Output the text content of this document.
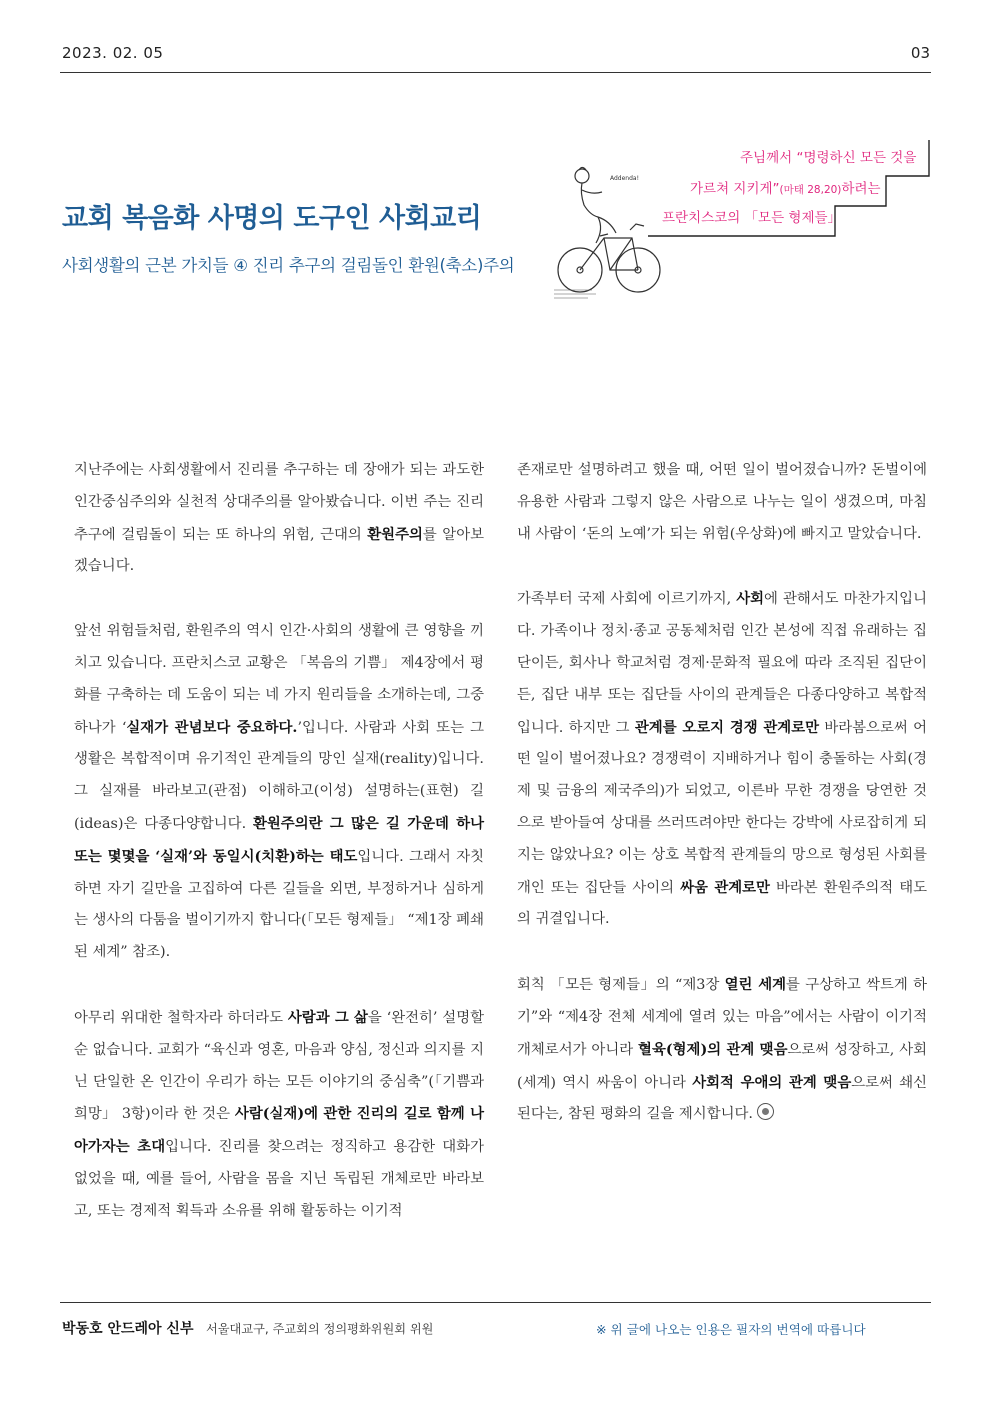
2023. 02. 05	03
교회 복음화 사명의 도구인 사회교리
사회생활의 근본 가치들 ④ 진리 추구의 걸림돌인 환원(축소)주의
Addenda!
주님께서 “명령하신 모든 것을
가르쳐 지키게”(마태 28,20)하려는
프란치스코의 「모든 형제들」

지난주에는 사회생활에서 진리를 추구하는 데 장애가 되는 과도한 인간중심주의와 실천적 상대주의를 알아봤습니다. 이번 주는 진리 추구에 걸림돌이 되는 또 하나의 위험, 근대의 환원주의를 알아보겠습니다.

앞선 위험들처럼, 환원주의 역시 인간·사회의 생활에 큰 영향을 끼치고 있습니다. 프란치스코 교황은 「복음의 기쁨」 제4장에서 평화를 구축하는 데 도움이 되는 네 가지 원리들을 소개하는데, 그중 하나가 ‘실재가 관념보다 중요하다.’입니다. 사람과 사회 또는 그 생활은 복합적이며 유기적인 관계들의 망인 실재(reality)입니다. 그 실재를 바라보고(관점) 이해하고(이성) 설명하는(표현) 길(ideas)은 다종다양합니다. 환원주의란 그 많은 길 가운데 하나 또는 몇몇을 ‘실재’와 동일시(치환)하는 태도입니다. 그래서 자칫하면 자기 길만을 고집하여 다른 길들을 외면, 부정하거나 심하게는 생사의 다툼을 벌이기까지 합니다(「모든 형제들」 “제1장 폐쇄된 세계” 참조).

아무리 위대한 철학자라 하더라도 사람과 그 삶을 ‘완전히’ 설명할 순 없습니다. 교회가 “육신과 영혼, 마음과 양심, 정신과 의지를 지닌 단일한 온 인간이 우리가 하는 모든 이야기의 중심축”(「기쁨과 희망」 3항)이라 한 것은 사람(실재)에 관한 진리의 길로 함께 나아가자는 초대입니다. 진리를 찾으려는 정직하고 용감한 대화가 없었을 때, 예를 들어, 사람을 몸을 지닌 독립된 개체로만 바라보고, 또는 경제적 획득과 소유를 위해 활동하는 이기적

존재로만 설명하려고 했을 때, 어떤 일이 벌어졌습니까? 돈벌이에 유용한 사람과 그렇지 않은 사람으로 나누는 일이 생겼으며, 마침내 사람이 ‘돈의 노예’가 되는 위험(우상화)에 빠지고 말았습니다.

가족부터 국제 사회에 이르기까지, 사회에 관해서도 마찬가지입니다. 가족이나 정치·종교 공동체처럼 인간 본성에 직접 유래하는 집단이든, 회사나 학교처럼 경제·문화적 필요에 따라 조직된 집단이든, 집단 내부 또는 집단들 사이의 관계들은 다종다양하고 복합적입니다. 하지만 그 관계를 오로지 경쟁 관계로만 바라봄으로써 어떤 일이 벌어졌나요? 경쟁력이 지배하거나 힘이 충돌하는 사회(경제 및 금융의 제국주의)가 되었고, 이른바 무한 경쟁을 당연한 것으로 받아들여 상대를 쓰러뜨려야만 한다는 강박에 사로잡히게 되지는 않았나요? 이는 상호 복합적 관계들의 망으로 형성된 사회를 개인 또는 집단들 사이의 싸움 관계로만 바라본 환원주의적 태도의 귀결입니다.

회칙 「모든 형제들」의 “제3장 열린 세계를 구상하고 싹트게 하기”와 “제4장 전체 세계에 열려 있는 마음”에서는 사람이 이기적 개체로서가 아니라 혈육(형제)의 관계 맺음으로써 성장하고, 사회(세계) 역시 싸움이 아니라 사회적 우애의 관계 맺음으로써 쇄신된다는, 참된 평화의 길을 제시합니다.

박동호 안드레아 신부 서울대교구, 주교회의 정의평화위원회 위원	※ 위 글에 나오는 인용은 필자의 번역에 따릅니다
